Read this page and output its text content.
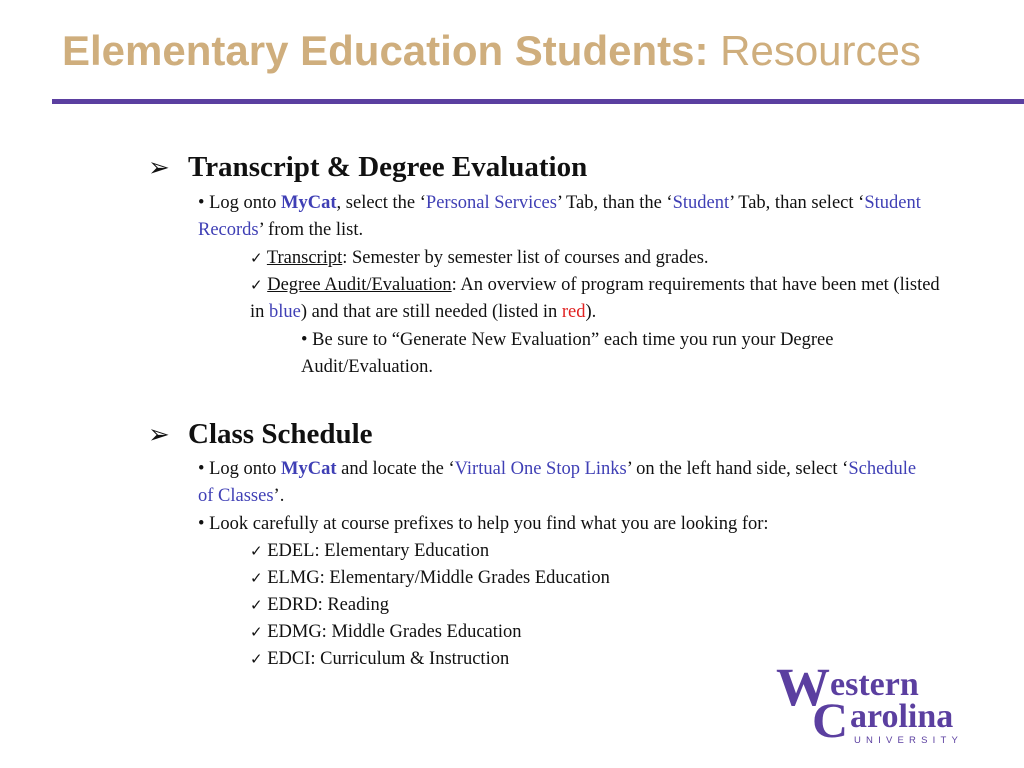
Elementary Education Students: Resources
➢ Transcript & Degree Evaluation

• Log onto MyCat, select the ‘Personal Services’ Tab, than the ‘Student’ Tab, than select ‘Student Records’ from the list.

✓ Transcript: Semester by semester list of courses and grades.

✓ Degree Audit/Evaluation: An overview of program requirements that have been met (listed in blue) and that are still needed (listed in red).

• Be sure to “Generate New Evaluation” each time you run your Degree Audit/Evaluation.

➢ Class Schedule

• Log onto MyCat and locate the ‘Virtual One Stop Links’ on the left hand side, select ‘Schedule of Classes’.

• Look carefully at course prefixes to help you find what you are looking for:

✓ EDEL: Elementary Education

✓ ELMG: Elementary/Middle Grades Education

✓ EDRD: Reading

✓ EDMG: Middle Grades Education

✓ EDCI: Curriculum & Instruction	W
C
estern
arolina
UNIVERSITY
